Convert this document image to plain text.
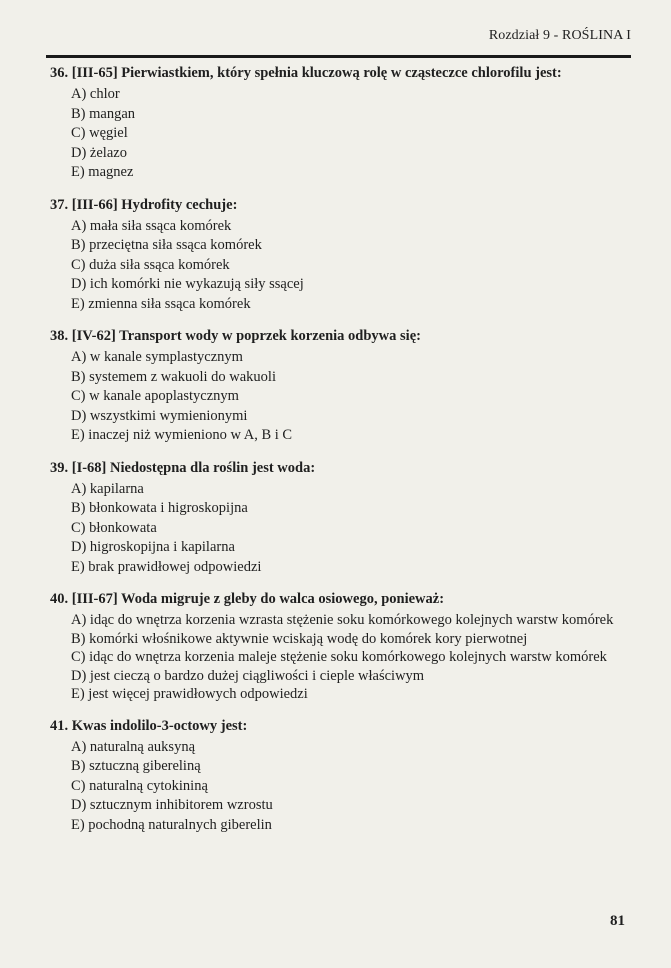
Rozdział 9 - ROŚLINA I
36. [III-65] Pierwiastkiem, który spełnia kluczową rolę w cząsteczce chlorofilu jest:
A) chlor
B) mangan
C) węgiel
D) żelazo
E) magnez
37. [III-66] Hydrofity cechuje:
A) mała siła ssąca komórek
B) przeciętna siła ssąca komórek
C) duża siła ssąca komórek
D) ich komórki nie wykazują siły ssącej
E) zmienna siła ssąca komórek
38. [IV-62] Transport wody w poprzek korzenia odbywa się:
A) w kanale symplastycznym
B) systemem z wakuoli do wakuoli
C) w kanale apoplastycznym
D) wszystkimi wymienionymi
E) inaczej niż wymieniono w A, B i C
39. [I-68] Niedostępna dla roślin jest woda:
A) kapilarna
B) błonkowata i higroskopijna
C) błonkowata
D) higroskopijna i kapilarna
E) brak prawidłowej odpowiedzi
40. [III-67] Woda migruje z gleby do walca osiowego, ponieważ:
A) idąc do wnętrza korzenia wzrasta stężenie soku komórkowego kolejnych warstw komórek
B) komórki włośnikowe aktywnie wciskają wodę do komórek kory pierwotnej
C) idąc do wnętrza korzenia maleje stężenie soku komórkowego kolejnych warstw komórek
D) jest cieczą o bardzo dużej ciągliwości i cieple właściwym
E) jest więcej prawidłowych odpowiedzi
41. Kwas indolilo-3-octowy jest:
A) naturalną auksyną
B) sztuczną gibereliną
C) naturalną cytokininą
D) sztucznym inhibitorem wzrostu
E) pochodną naturalnych giberelin
81
